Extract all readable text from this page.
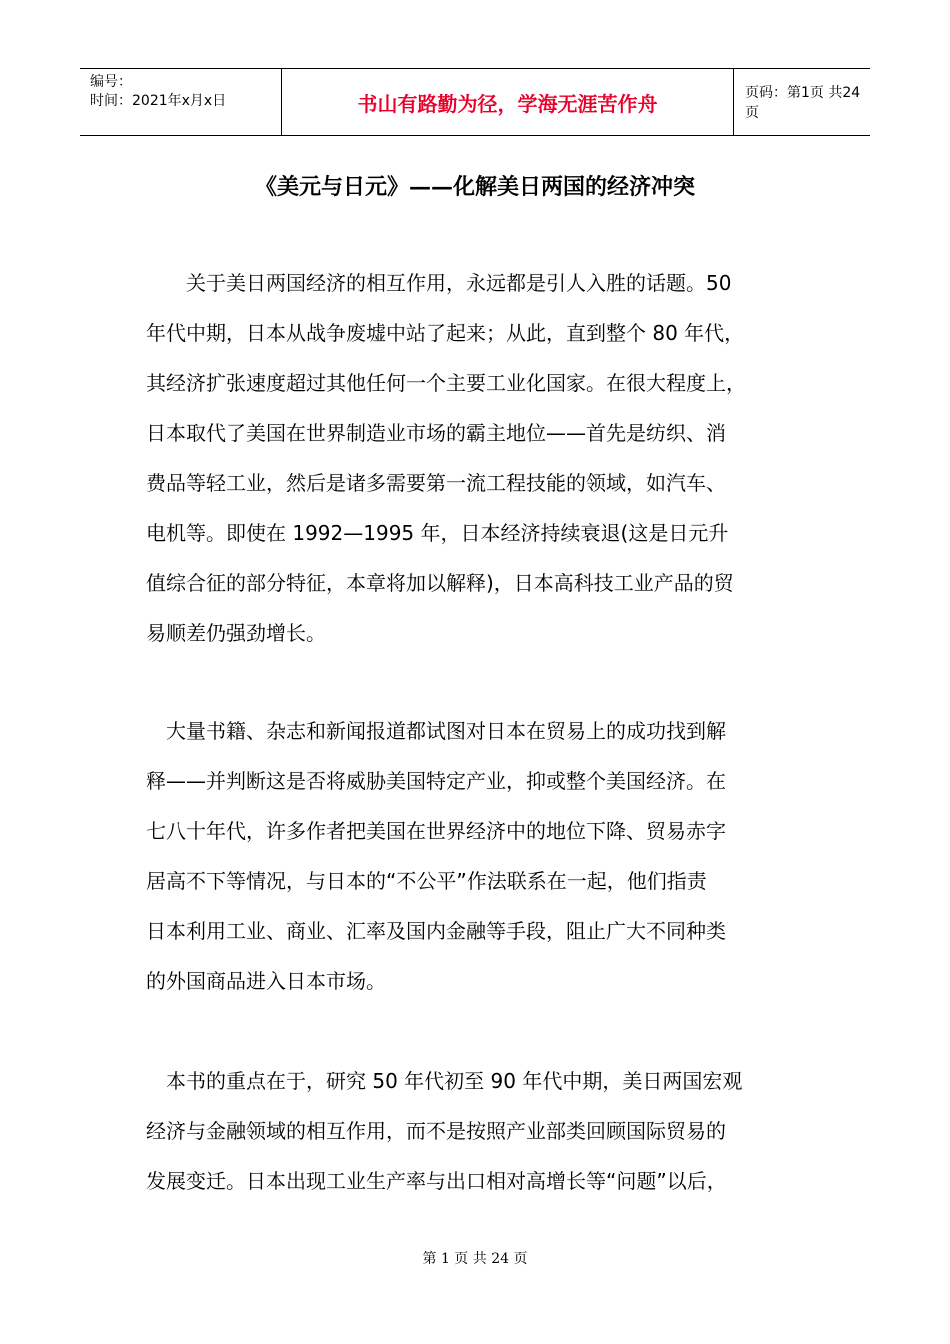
编号：
时间：2021年x月x日	书山有路勤为径，学海无涯苦作舟	页码：第1页 共24页
《美元与日元》——化解美日两国的经济冲突

　　关于美日两国经济的相互作用，永远都是引人入胜的话题。50
年代中期，日本从战争废墟中站了起来；从此，直到整个 80 年代，
其经济扩张速度超过其他任何一个主要工业化国家。在很大程度上，
日本取代了美国在世界制造业市场的霸主地位——首先是纺织、消
费品等轻工业，然后是诸多需要第一流工程技能的领域，如汽车、
电机等。即使在 1992—1995 年，日本经济持续衰退(这是日元升
值综合征的部分特征，本章将加以解释)，日本高科技工业产品的贸
易顺差仍强劲增长。

　大量书籍、杂志和新闻报道都试图对日本在贸易上的成功找到解
释——并判断这是否将威胁美国特定产业，抑或整个美国经济。在
七八十年代，许多作者把美国在世界经济中的地位下降、贸易赤字
居高不下等情况，与日本的“不公平”作法联系在一起，他们指责
日本利用工业、商业、汇率及国内金融等手段，阻止广大不同种类
的外国商品进入日本市场。

　本书的重点在于，研究 50 年代初至 90 年代中期，美日两国宏观
经济与金融领域的相互作用，而不是按照产业部类回顾国际贸易的
发展变迁。日本出现工业生产率与出口相对高增长等“问题”以后，

第 1 页 共 24 页
